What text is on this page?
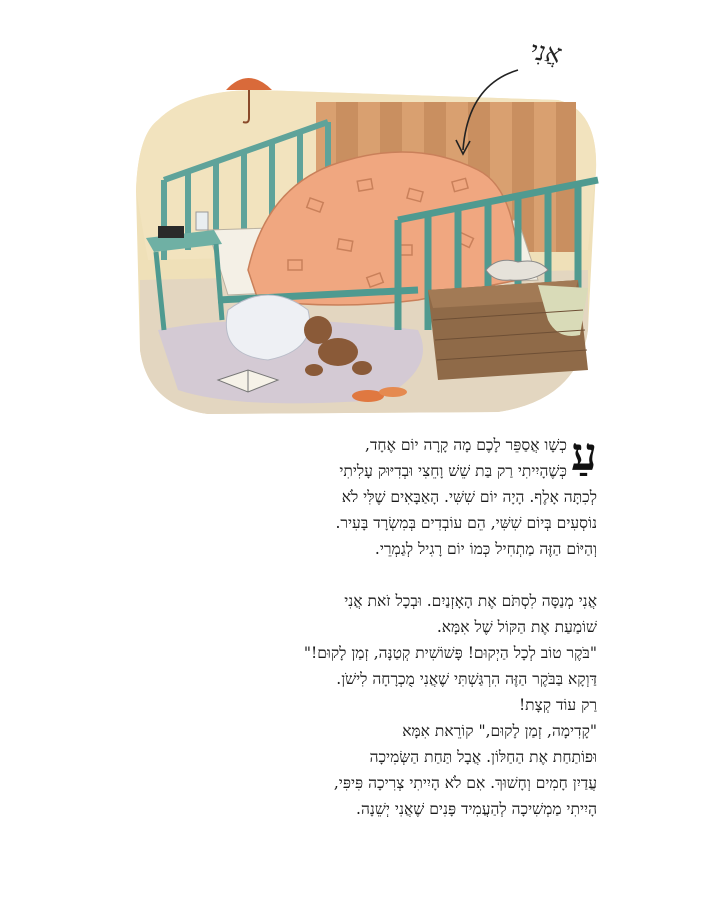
אֲנִי
עַ
כְשָׁו אֲסַפֵּר לָכֶם מָה קָרָה יוֹם אֶחָד,
כְּשֶׁהָיִיתִי רַק בַּת שֵׁשׁ וָחֵצִי וּבְדִיּוּק עָלִיתִי
לְכִתָּה אָלֶף. הָיָה יוֹם שִׁשִּׁי. הָאַבָּאִים שֶׁלִּי לֹא
נוֹסְעִים בְּיוֹם שִׁשִּׁי, הֵם עוֹבְדִים בְּמִשְׂרָד בָּעִיר.
וְהַיּוֹם הַזֶּה מַתְחִיל כְּמוֹ יוֹם רָגִיל לְגַמְרֵי.
אֲנִי מְנַסָּה לִסְתֹּם אֶת הָאָזְנַיִם. וּבְכָל זֹאת אֲנִי
שׁוֹמַעַת אֶת הַקּוֹל שֶׁל אִמָּא.
"בֹּקֶר טוֹב לְכָל הַיְקוּם! פָּשׁוֹשִׁית קְטַנָּה, זְמַן לָקוּם!"
דַּוְקָא בַּבֹּקֶר הַזֶּה הִרְגַּשְׁתִּי שֶׁאֲנִי מֻכְרָחָה לִישֹׁן.
רַק עוֹד קְצָת!
"קָדִימָה, זְמַן לָקוּם," קוֹרֵאת אִמָּא
וּפוֹתַחַת אֶת הַחַלּוֹן. אֲבָל תַּחַת הַשְּׂמִיכָה
עֲדַיִן חָמִים וְחָשׁוּךְ. אִם לֹא הָיִיתִי צְרִיכָה פִּיפִּי,
הָיִיתִי מַמְשִׁיכָה לְהַעֲמִיד פָּנִים שֶׁאֲנִי יְשֵׁנָה.
